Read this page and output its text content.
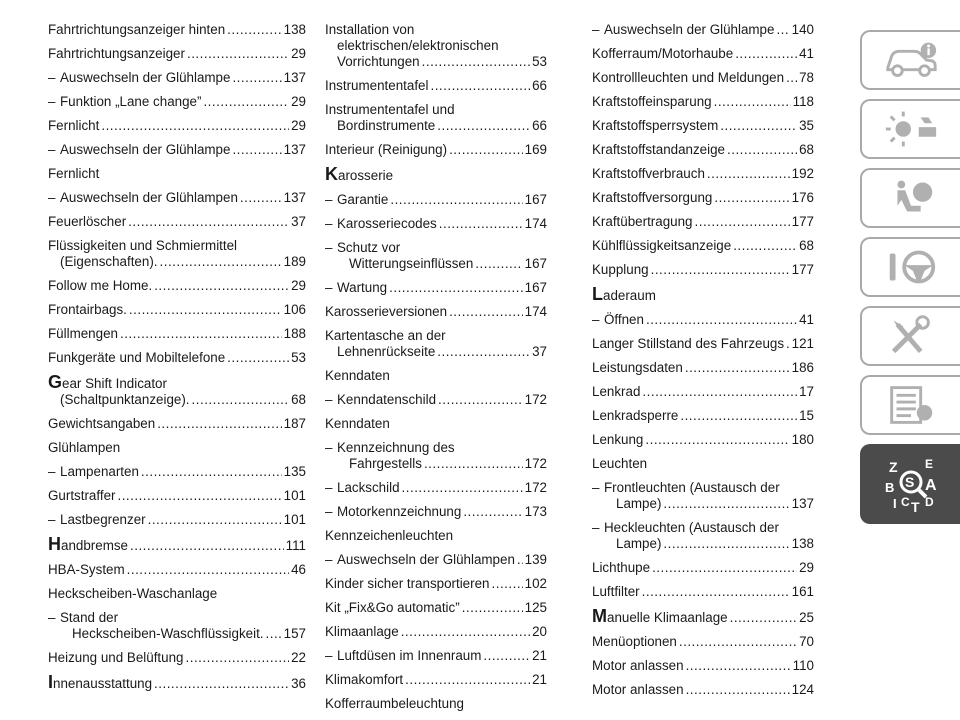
Fahrtrichtungsanzeiger hinten .....	138
Fahrtrichtungsanzeiger .....	29
– Auswechseln der Glühlampe .....	137
– Funktion „Lane change” .....	29
Fernlicht .....	29
– Auswechseln der Glühlampe .....	137
Fernlicht
– Auswechseln der Glühlampen .....	137
Feuerlöscher .....	37
Flüssigkeiten und Schmiermittel
(Eigenschaften). .....	189
Follow me Home. .....	29
Frontairbags. .....	106
Füllmengen .....	188
Funkgeräte und Mobiltelefone .....	53
Gear Shift Indicator
(Schaltpunktanzeige). .....	68
Gewichtsangaben .....	187
Glühlampen
– Lampenarten .....	135
Gurtstraffer .....	101
– Lastbegrenzer .....	101
Handbremse .....	111
HBA-System .....	46
Heckscheiben-Waschanlage
– Stand der
Heckscheiben-Waschflüssigkeit. ..... 157
Heizung und Belüftung .....	22
Innenausstattung .....	36
Installation von
elektrischen/elektronischen
Vorrichtungen .....	53
Instrumententafel .....	66
Instrumententafel und
Bordinstrumente .....	66
Interieur (Reinigung) .....	169
Karosserie
– Garantie .....	167
– Karosseriecodes .....	174
– Schutz vor
Witterungseinflüssen .....	167
– Wartung .....	167
Karosserieversionen .....	174
Kartentasche an der
Lehnenrückseite .....	37
Kenndaten
– Kenndatenschild .....	172
Kenndaten
– Kennzeichnung des
Fahrgestells .....	172
– Lackschild .....	172
– Motorkennzeichnung .....	173
Kennzeichenleuchten
– Auswechseln der Glühlampen ..... 139
Kinder sicher transportieren .....	102
Kit „Fix&Go automatic” .....	125
Klimaanlage .....	20
– Luftdüsen im Innenraum .....	21
Klimakomfort .....	21
Kofferraumbeleuchtung
– Auswechseln der Glühlampe ..... 140
Kofferraum/Motorhaube .....	41
Kontrollleuchten und Meldungen ..... 78
Kraftstoffeinsparung .....	118
Kraftstoffsperrsystem .....	35
Kraftstoffstandanzeige .....	68
Kraftstoffverbrauch .....	192
Kraftstoffversorgung .....	176
Kraftübertragung .....	177
Kühlflüssigkeitsanzeige .....	68
Kupplung .....	177
Laderaum
– Öffnen .....	41
Langer Stillstand des Fahrzeugs ..... 121
Leistungsdaten .....	186
Lenkrad .....	17
Lenkradsperre .....	15
Lenkung .....	180
Leuchten
– Frontleuchten (Austausch der
Lampe) .....	137
– Heckleuchten (Austausch der
Lampe) .....	138
Lichthupe .....	29
Luftfilter .....	161
Manuelle Klimaanlage .....	25
Menüoptionen .....	70
Motor anlassen .....	110
Motor anlassen .....	124
Z E
B S A
I C T D
